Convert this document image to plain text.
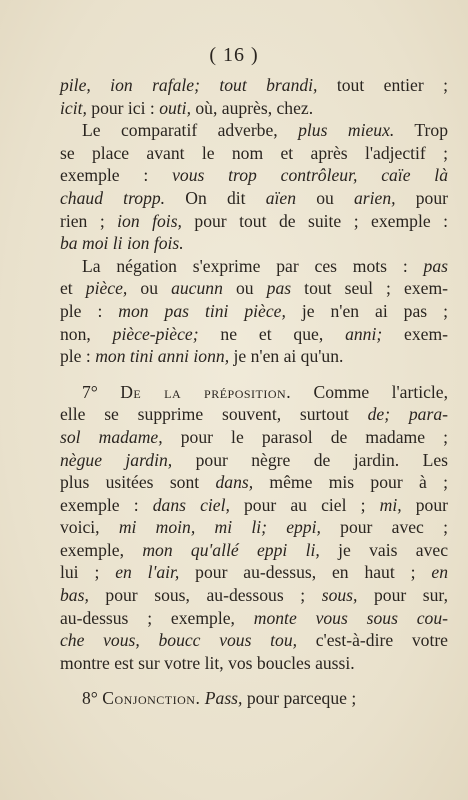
( 16 )
pile, ion rafale; tout brandi, tout entier ;
icit, pour ici : outi, où, auprès, chez.
Le comparatif adverbe, plus mieux. Trop
se place avant le nom et après l'adjectif ;
exemple : vous trop contrôleur, caïe là
chaud tropp. On dit aïen ou arien, pour
rien ; ion fois, pour tout de suite ; exemple :
ba moi li ion fois.
La négation s'exprime par ces mots : pas
et pièce, ou aucunn ou pas tout seul ; exem-
ple : mon pas tini pièce, je n'en ai pas ;
non, pièce-pièce; ne et que, anni; exem-
ple : mon tini anni ionn, je n'en ai qu'un.
7° De la préposition. Comme l'article,
elle se supprime souvent, surtout de; para-
sol madame, pour le parasol de madame ;
nègue jardin, pour nègre de jardin. Les
plus usitées sont dans, même mis pour à ;
exemple : dans ciel, pour au ciel ; mi, pour
voici, mi moin, mi li; eppi, pour avec ;
exemple, mon qu'allé eppi li, je vais avec
lui ; en l'air, pour au-dessus, en haut ; en
bas, pour sous, au-dessous ; sous, pour sur,
au-dessus ; exemple, monte vous sous cou-
che vous, boucc vous tou, c'est-à-dire votre
montre est sur votre lit, vos boucles aussi.
8° Conjonction. Pass, pour parceque ;
